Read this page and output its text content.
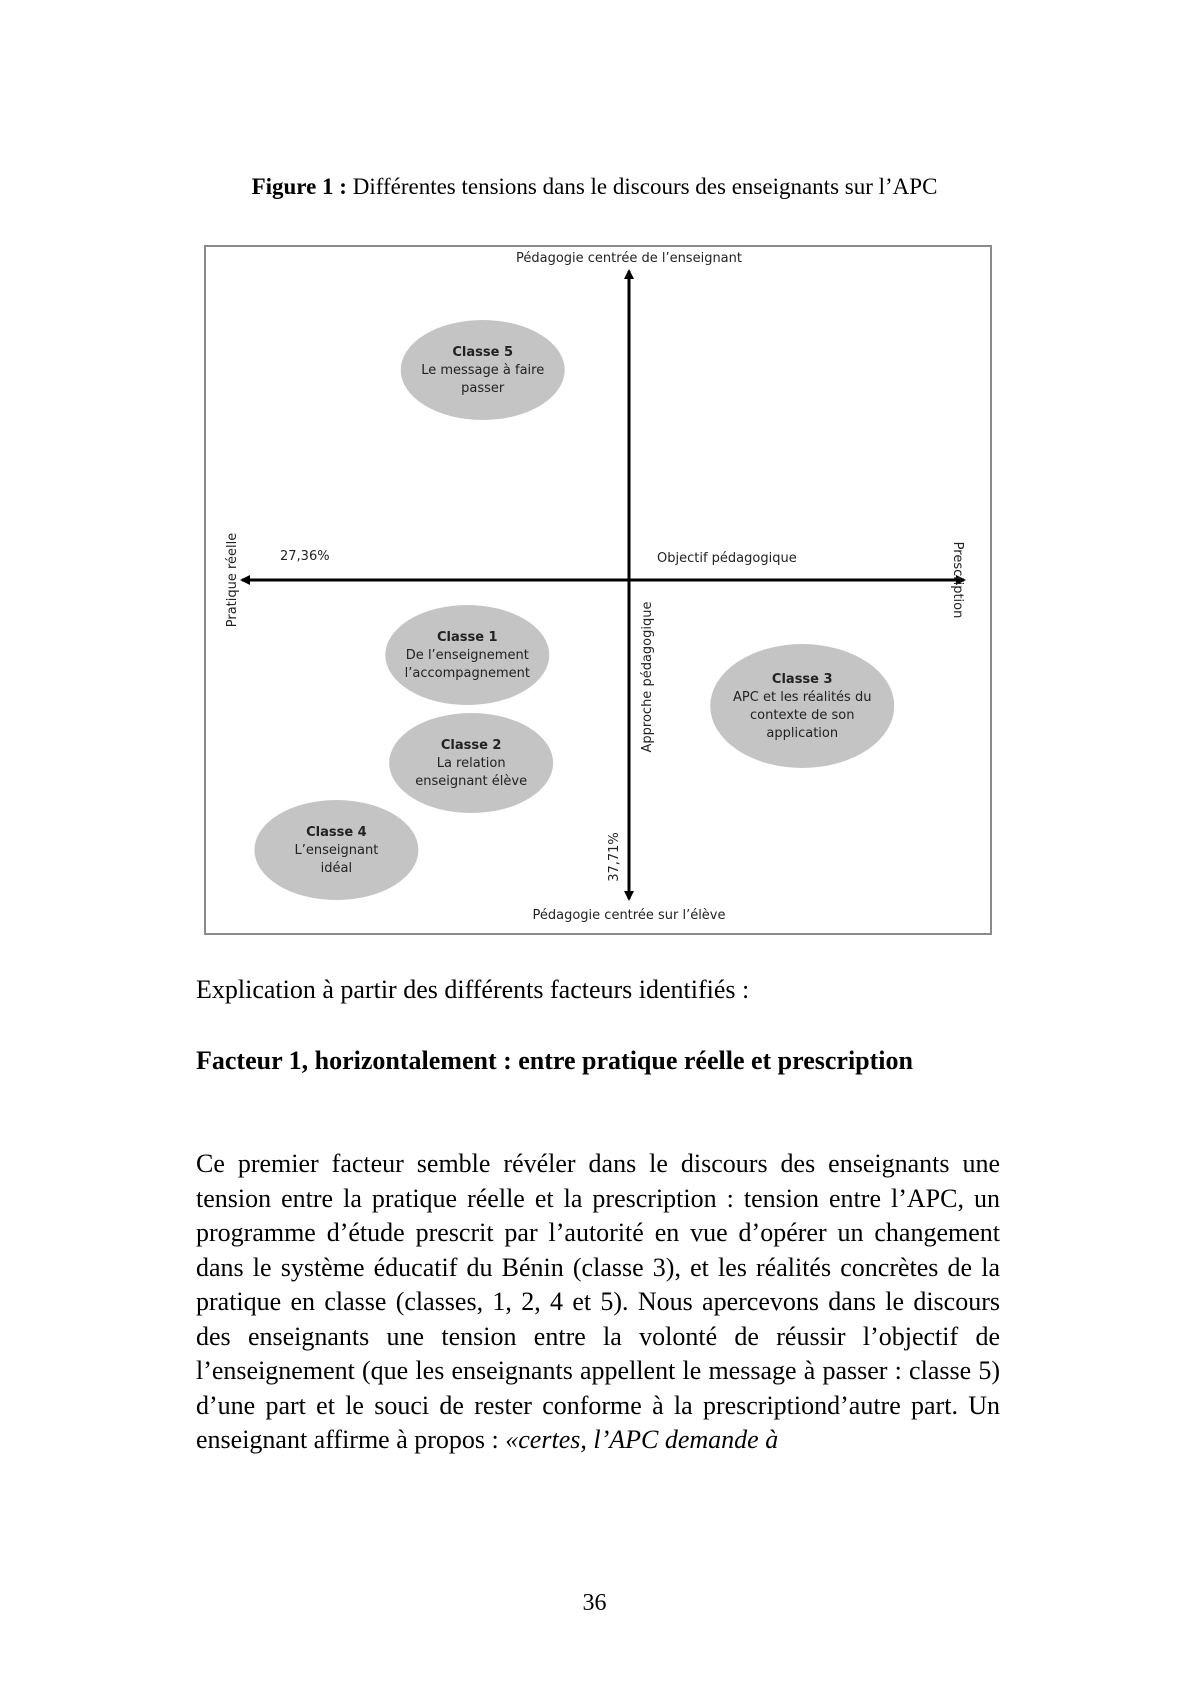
Figure 1 : Différentes tensions dans le discours des enseignants sur l’APC
Classe 5
Le message à faire
passer
Classe 1
De l’enseignement
l’accompagnement	Classe 3
APC et les réalités du
contexte de son
application
Classe 2
La relation
enseignant élève
Classe 4
L’enseignant
idéal
Pédagogie centrée de l’enseignant
Pédagogie centrée sur l’élève
Objectif pédagogique
27,36%
Pratique réelle	Prescription
Approche pédagogique
37,71%
Explication à partir des différents facteurs identifiés :
Facteur 1, horizontalement : entre pratique réelle et prescription
Ce premier facteur semble révéler dans le discours des enseignants une tension entre la pratique réelle et la prescription : tension entre l’APC, un programme d’étude prescrit par l’autorité en vue d’opérer un changement dans le système éducatif du Bénin (classe 3), et les réalités concrètes de la pratique en classe (classes, 1, 2, 4 et 5). Nous apercevons dans le discours des enseignants une tension entre la volonté de réussir l’objectif de l’enseignement (que les enseignants appellent le message à passer : classe 5) d’une part et le souci de rester conforme à la prescriptiond’autre part. Un enseignant affirme à propos : «certes, l’APC demande à
36
